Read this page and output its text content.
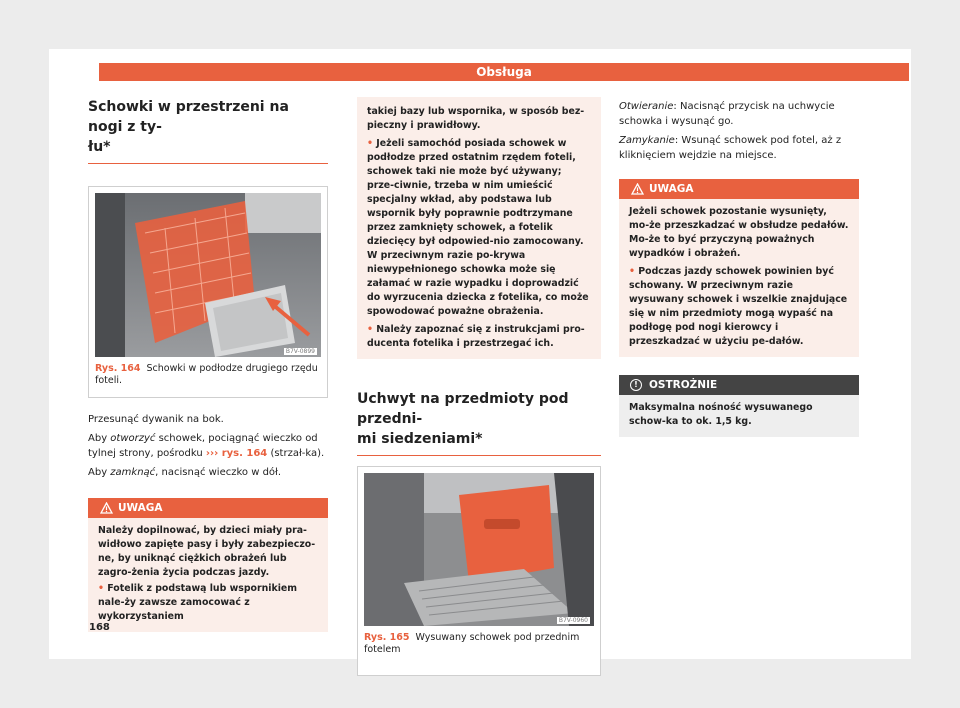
Obsługa
Schowki w przestrzeni na nogi z ty-
łu*
B7V-0899
Rys. 164 Schowki w podłodze drugiego rzędu foteli.

Przesunąć dywanik na bok.

Aby otworzyć schowek, pociągnąć wieczko od tylnej strony, pośrodku ››› rys. 164 (strzał-ka).

Aby zamknąć, nacisnąć wieczko w dół.

UWAGA
Należy dopilnować, by dzieci miały pra-widłowo zapięte pasy i były zabezpieczo-ne, by uniknąć ciężkich obrażeń lub zagro-żenia życia podczas jazdy.
• Fotelik z podstawą lub wspornikiem nale-ży zawsze zamocować z wykorzystaniem
takiej bazy lub wspornika, w sposób bez-pieczny i prawidłowy.
• Jeżeli samochód posiada schowek w podłodze przed ostatnim rzędem foteli, schowek taki nie może być używany; prze-ciwnie, trzeba w nim umieścić specjalny wkład, aby podstawa lub wspornik były poprawnie podtrzymane przez zamknięty schowek, a fotelik dziecięcy był odpowied-nio zamocowany. W przeciwnym razie po-krywa niewypełnionego schowka może się załamać w razie wypadku i doprowadzić do wyrzucenia dziecka z fotelika, co może spowodować poważne obrażenia.
• Należy zapoznać się z instrukcjami pro-ducenta fotelika i przestrzegać ich.
Uchwyt na przedmioty pod przedni-
mi siedzeniami*
B7V-0960
Rys. 165 Wysuwany schowek pod przednim fotelem

Otwieranie: Nacisnąć przycisk na uchwycie schowka i wysunąć go.

Zamykanie: Wsunąć schowek pod fotel, aż z kliknięciem wejdzie na miejsce.

UWAGA
Jeżeli schowek pozostanie wysunięty, mo-że przeszkadzać w obsłudze pedałów. Mo-że to być przyczyną poważnych wypadków i obrażeń.
• Podczas jazdy schowek powinien być schowany. W przeciwnym razie wysuwany schowek i wszelkie znajdujące się w nim przedmioty mogą wypaść na podłogę pod nogi kierowcy i przeszkadzać w użyciu pe-dałów.
!	OSTROŻNIE
Maksymalna nośność wysuwanego schow-ka to ok. 1,5 kg.
168
